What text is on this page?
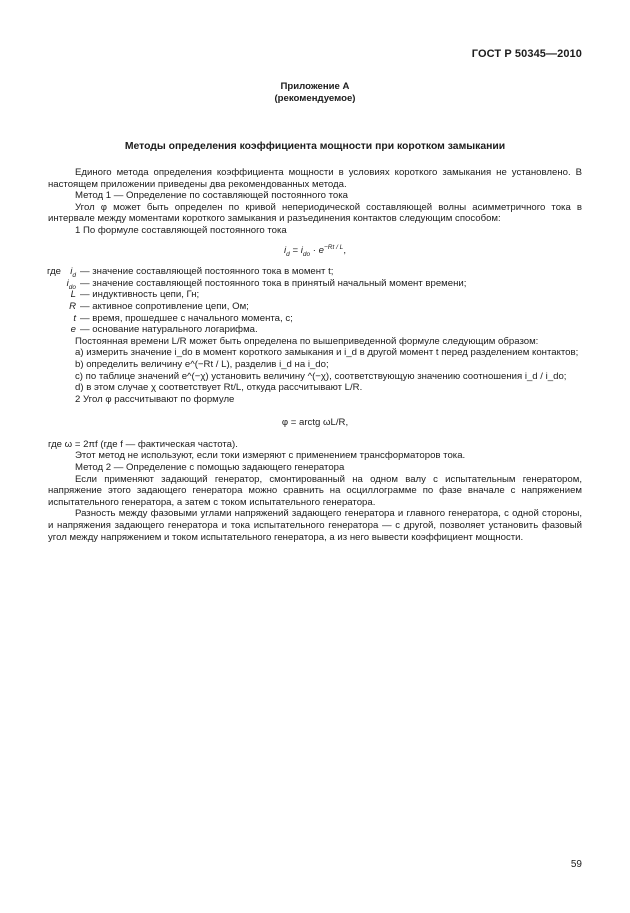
ГОСТ Р 50345—2010
Приложение А
(рекомендуемое)
Методы определения коэффициента мощности при коротком замыкании

Единого метода определения коэффициента мощности в условиях короткого замыкания не установлено. В настоящем приложении приведены два рекомендованных метода.

Метод 1 — Определение по составляющей постоянного тока

Угол φ может быть определен по кривой непериодической составляющей волны асимметричного тока в интервале между моментами короткого замыкания и разъединения контактов следующим способом:

1 По формуле составляющей постоянного тока

$i_d = i_{do} \cdot e^{-Rt / L}$,
где $i_d$ — значение составляющей постоянного тока в момент t;
$i_{do}$ — значение составляющей постоянного тока в принятый начальный момент времени;
L — индуктивность цепи, Гн;
R — активное сопротивление цепи, Ом;
t — время, прошедшее с начального момента, с;
e — основание натурального логарифма.

Постоянная времени L/R может быть определена по вышеприведенной формуле следующим образом:

а) измерить значение i_do в момент короткого замыкания и i_d в другой момент t перед разделением контактов;

b) определить величину e^(−Rt / L), разделив i_d на i_do;

c) по таблице значений e^(−χ) установить величину ^(−χ), соответствующую значению соотношения i_d / i_do;

d) в этом случае χ соответствует Rt/L, откуда рассчитывают L/R.

2 Угол φ рассчитывают по формуле

φ = arctg ωL/R,

где ω = 2πf (где f — фактическая частота).

Этот метод не используют, если токи измеряют с применением трансформаторов тока.

Метод 2 — Определение с помощью задающего генератора

Если применяют задающий генератор, смонтированный на одном валу с испытательным генератором, напряжение этого задающего генератора можно сравнить на осциллограмме по фазе вначале с напряжением испытательного генератора, а затем с током испытательного генератора.

Разность между фазовыми углами напряжений задающего генератора и главного генератора, с одной стороны, и напряжения задающего генератора и тока испытательного генератора — с другой, позволяет установить фазовый угол между напряжением и током испытательного генератора, а из него вывести коэффициент мощности.

59
